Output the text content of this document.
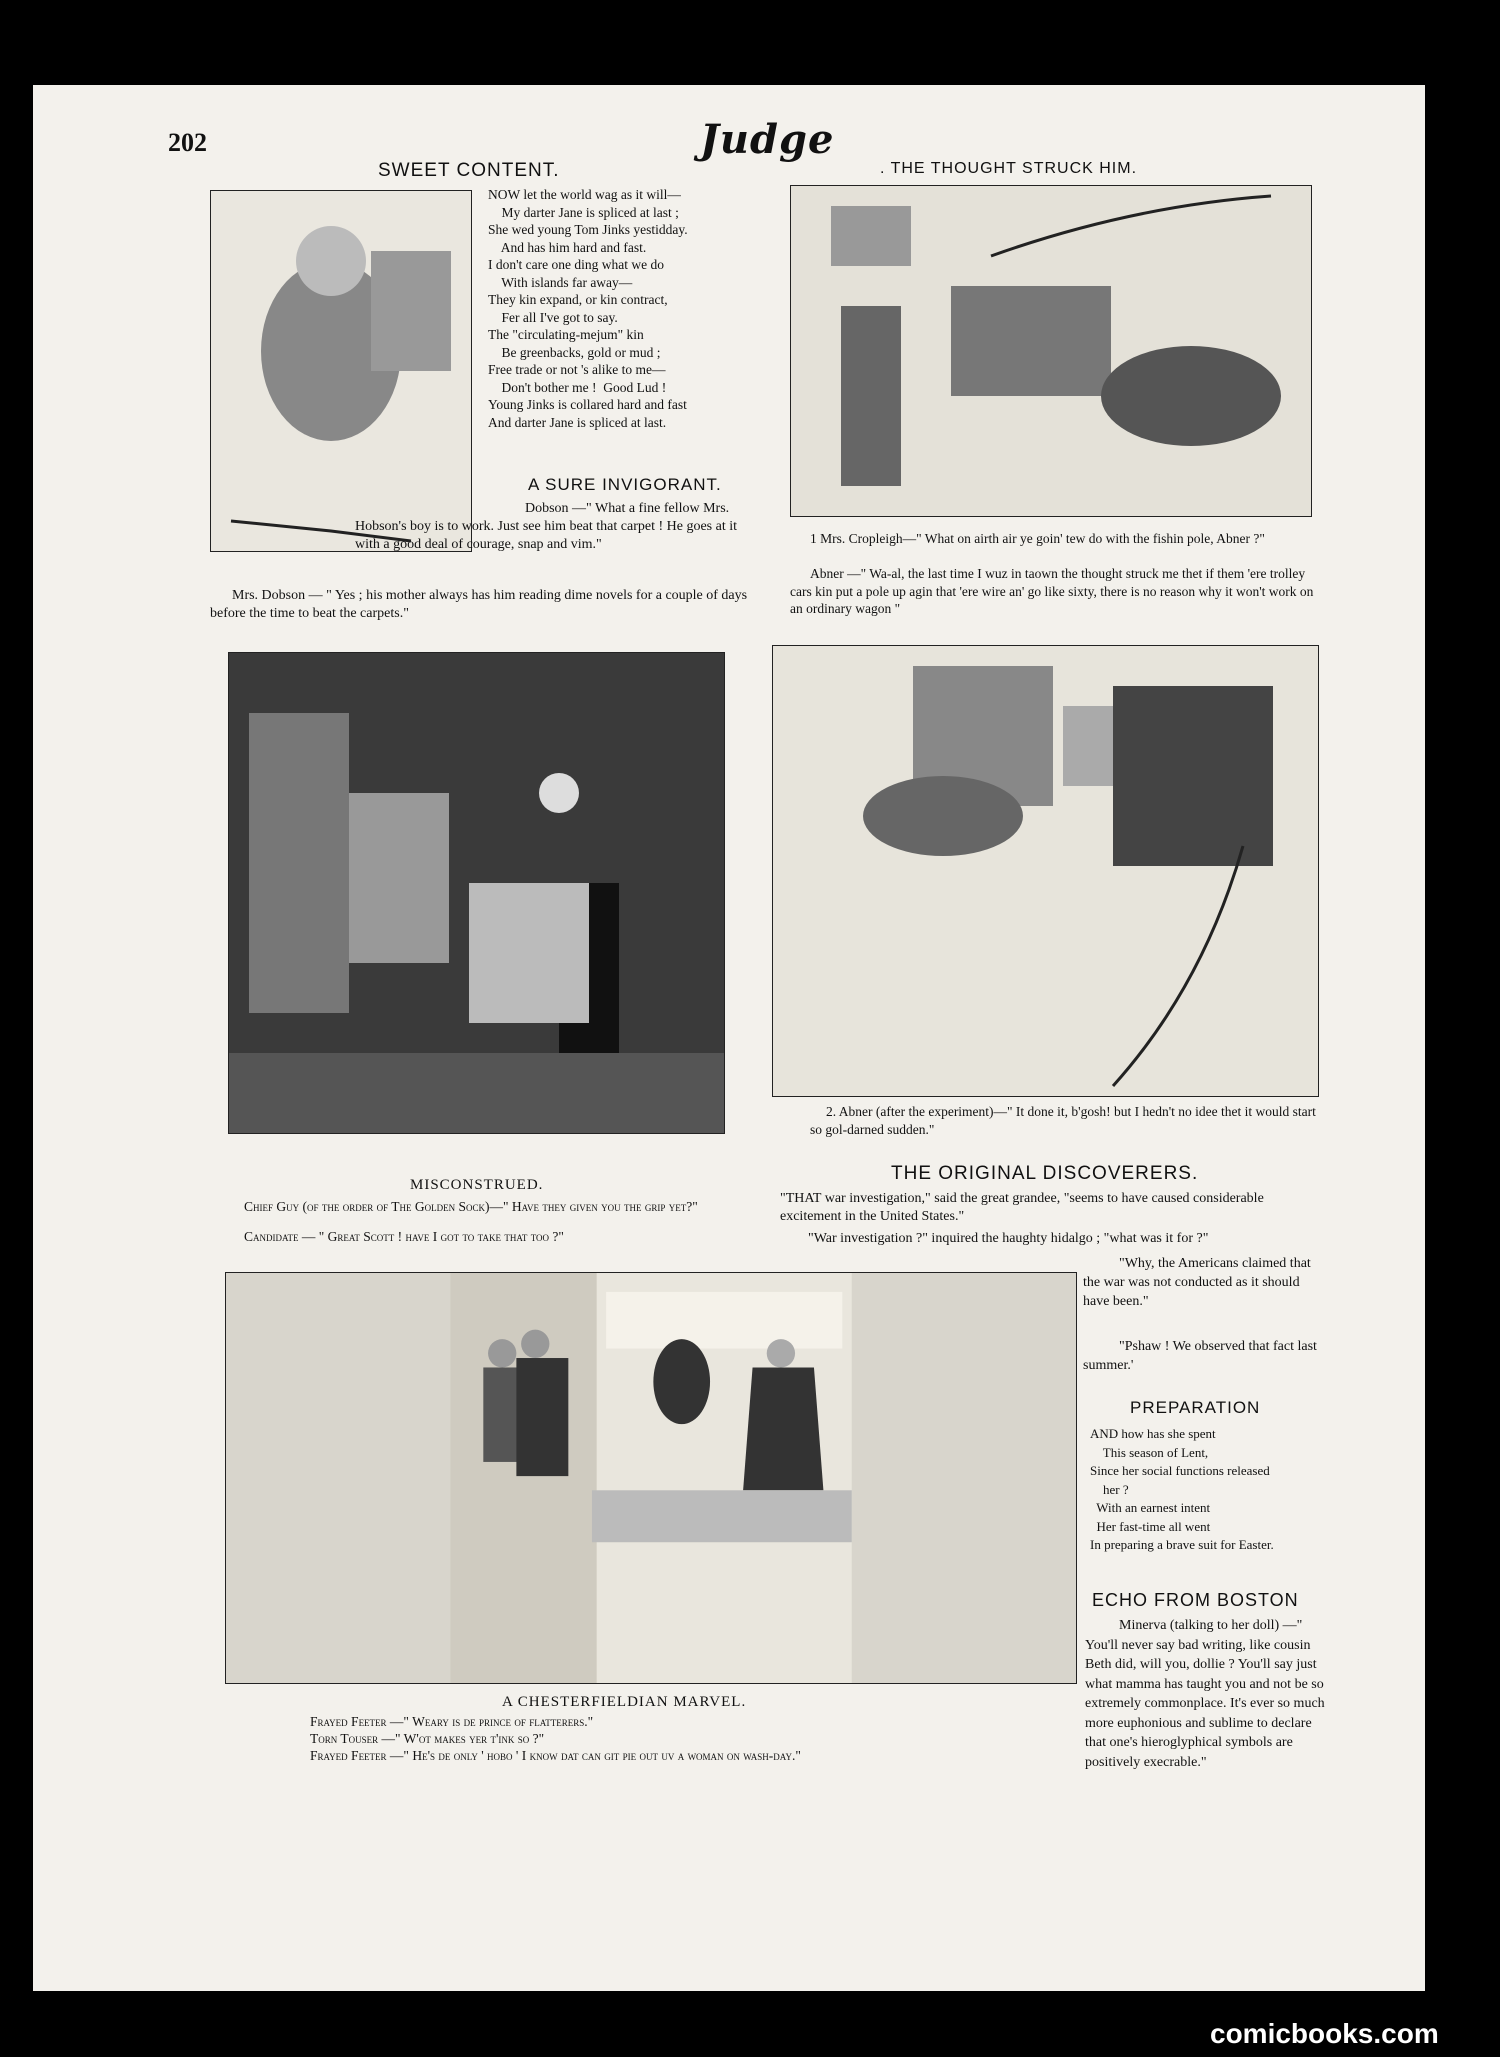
202	Judge
SWEET CONTENT.
NOW let the world wag as it will—
My darter Jane is spliced at last ;
She wed young Tom Jinks yestidday.
And has him hard and fast.
I don't care one ding what we do
With islands far away—
They kin expand, or kin contract,
Fer all I've got to say.
The "circulating-mejum" kin
Be greenbacks, gold or mud ;
Free trade or not 's alike to me—
Don't bother me !  Good Lud !
Young Jinks is collared hard and fast
And darter Jane is spliced at last.
A SURE INVIGORANT.
Dobson —" What a fine fellow Mrs. Hobson's boy is to work. Just see him beat that carpet ! He goes at it with a good deal of courage, snap and vim."
Mrs. Dobson — " Yes ; his mother always has him reading dime novels for a couple of days before the time to beat the carpets."
. THE THOUGHT STRUCK HIM.
1 Mrs. Cropleigh—" What on airth air ye goin' tew do with the fishin pole, Abner ?"
Abner —" Wa-al, the last time I wuz in taown the thought struck me thet if them 'ere trolley cars kin put a pole up agin that 'ere wire an' go like sixty, there is no reason why it won't work on an ordinary wagon "
MISCONSTRUED.
Chief Guy (of the order of The Golden Sock)—" Have they given you the grip yet?"
Candidate — " Great Scott ! have I got to take that too ?"
2. Abner (after the experiment)—" It done it, b'gosh! but I hedn't no idee thet it would start so gol-darned sudden."
THE ORIGINAL DISCOVERERS.
"THAT war investigation," said the great grandee, "seems to have caused considerable excitement in the United States."
"War investigation ?" inquired the haughty hidalgo ; "what was it for ?"
"Why, the Americans claimed that the war was not conducted as it should have been."
"Pshaw ! We observed that fact last summer.'
PREPARATION
AND how has she spent
This season of Lent,
Since her social functions released
her ?
With an earnest intent
Her fast-time all went
In preparing a brave suit for Easter.
ECHO FROM BOSTON
Minerva (talking to her doll) —" You'll never say bad writing, like cousin Beth did, will you, dollie ? You'll say just what mamma has taught you and not be so extremely commonplace. It's ever so much more euphonious and sublime to declare that one's hieroglyphical symbols are positively execrable."
A CHESTERFIELDIAN MARVEL.
Frayed Feeter —" Weary is de prince of flatterers."
Torn Touser —" W'ot makes yer t'ink so ?"
Frayed Feeter —" He's de only ' hobo ' I know dat can git pie out uv a woman on wash-day."
comicbooks.com
